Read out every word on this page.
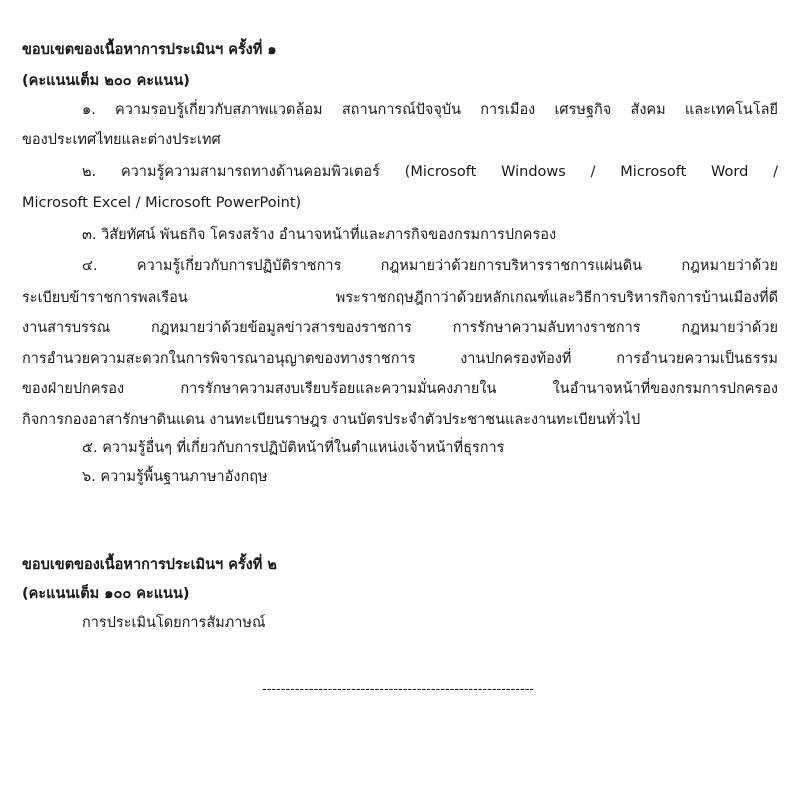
ขอบเขตของเนื้อหาการประเมินฯ ครั้งที่ ๑
(คะแนนเต็ม ๒๐๐ คะแนน)
๑. ความรอบรู้เกี่ยวกับสภาพแวดล้อม สถานการณ์ปัจจุบัน การเมือง เศรษฐกิจ สังคม และเทคโนโลยี
ของประเทศไทยและต่างประเทศ
๒. ความรู้ความสามารถทางด้านคอมพิวเตอร์ (Microsoft Windows / Microsoft Word /
Microsoft Excel / Microsoft PowerPoint)
๓. วิสัยทัศน์ พันธกิจ โครงสร้าง อำนาจหน้าที่และภารกิจของกรมการปกครอง
๔. ความรู้เกี่ยวกับการปฏิบัติราชการ กฎหมายว่าด้วยการบริหารราชการแผ่นดิน กฎหมายว่าด้วย
ระเบียบข้าราชการพลเรือน พระราชกฤษฎีกาว่าด้วยหลักเกณฑ์และวิธีการบริหารกิจการบ้านเมืองที่ดี
งานสารบรรณ กฎหมายว่าด้วยข้อมูลข่าวสารของราชการ การรักษาความลับทางราชการ กฎหมายว่าด้วย
การอำนวยความสะดวกในการพิจารณาอนุญาตของทางราชการ งานปกครองท้องที่ การอำนวยความเป็นธรรม
ของฝ่ายปกครอง การรักษาความสงบเรียบร้อยและความมั่นคงภายใน ในอำนาจหน้าที่ของกรมการปกครอง
กิจการกองอาสารักษาดินแดน งานทะเบียนราษฎร งานบัตรประจำตัวประชาชนและงานทะเบียนทั่วไป
๕. ความรู้อื่นๆ ที่เกี่ยวกับการปฏิบัติหน้าที่ในตำแหน่งเจ้าหน้าที่ธุรการ
๖. ความรู้พื้นฐานภาษาอังกฤษ
ขอบเขตของเนื้อหาการประเมินฯ ครั้งที่ ๒
(คะแนนเต็ม ๑๐๐ คะแนน)
การประเมินโดยการสัมภาษณ์
----------------------------------------------------------
